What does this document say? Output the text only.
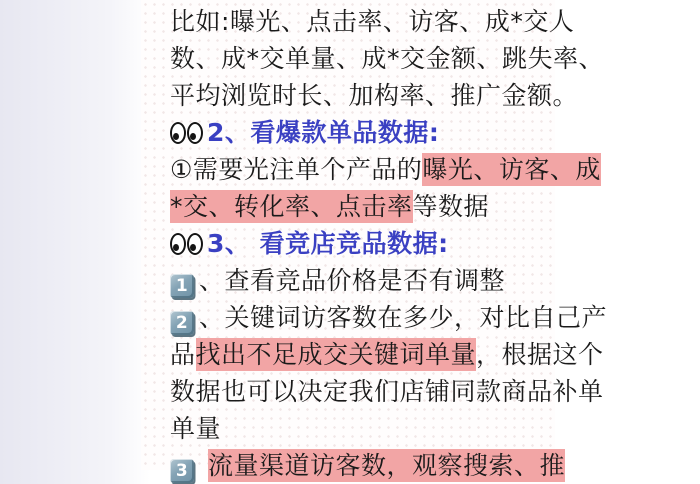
比如:曝光、点击率、访客、成*交人
数、成*交单量、成*交金额、跳失率、
平均浏览时长、加构率、推广金额。
2、看爆款单品数据:
①需要光注单个产品的曝光、访客、成
*交、转化率、点击率等数据
3、 看竞店竞品数据:
1 、查看竞品价格是否有调整
2 、关键词访客数在多少，对比自己产
品找出不足成交关键词单量，根据这个
数据也可以决定我们店铺同款商品补单
单量
3 流量渠道访客数，观察搜索、推
